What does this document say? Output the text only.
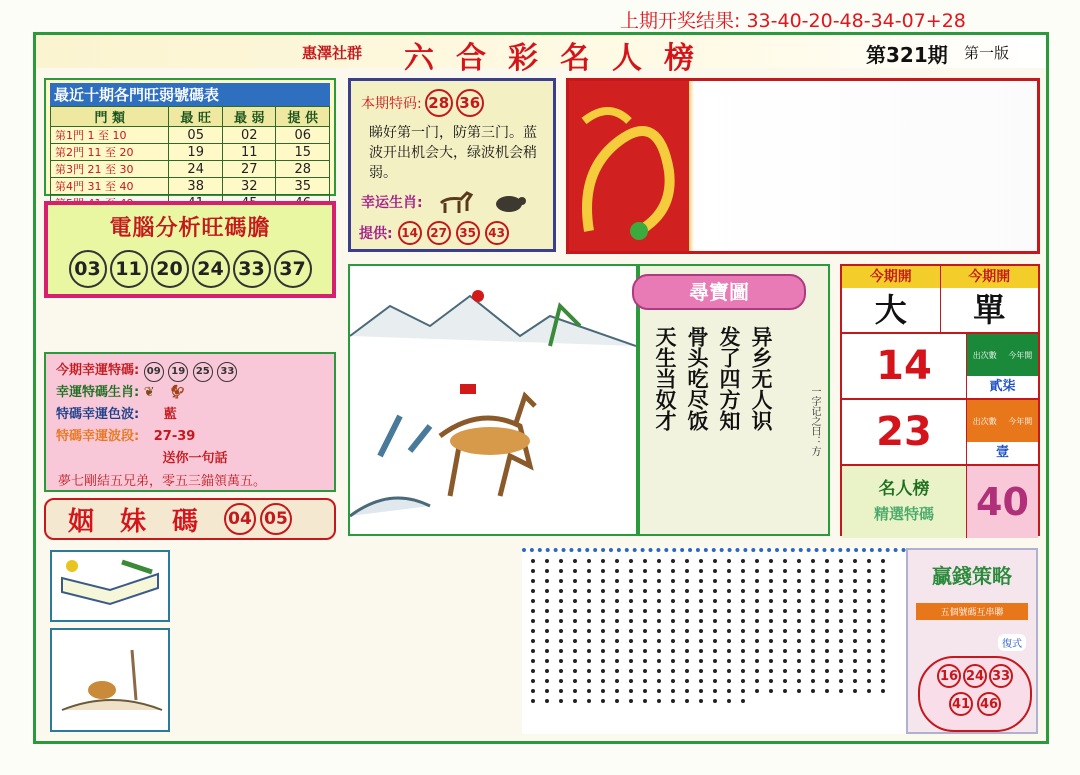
上期开奖结果: 33-40-20-48-34-07+28
惠澤社群 六合彩名人榜	第321期 第一版
最近十期各門旺弱號碼表
門 類	最 旺	最 弱	提 供
第1門 1 至 10	05	02	06
第2門 11 至 20	19	11	15
第3門 21 至 30	24	27	28
第4門 31 至 40	38	32	35

電腦分析旺碼膽
03 11 20 24 33 37
本期特码: 28 36
睇好第一门，防第三门。蓝波开出机会大，绿波机会稍弱。
幸运生肖:
提供: 14	27	35	43
今期幸運特碼: 09 19 25 33
幸運特碼生肖: ❦ 🐓︎
特碼幸運色波: 藍
特碼幸運波段: 27-39
送你一句話
夢七剛結五兄弟，零五三錨領萬五。
姻妹碼 04 05
尋寶圖
异乡无人识
发了四方知
骨头吃尽饭
天生当奴才	一字记之曰：方
今期開	今期開
大	單
14	出次數 今年開
貳柒
23	出次數 今年開
壹
名人榜
精選特碼	40
贏錢策略
五個號碼互串聯
復式
16 24 33
41 46
